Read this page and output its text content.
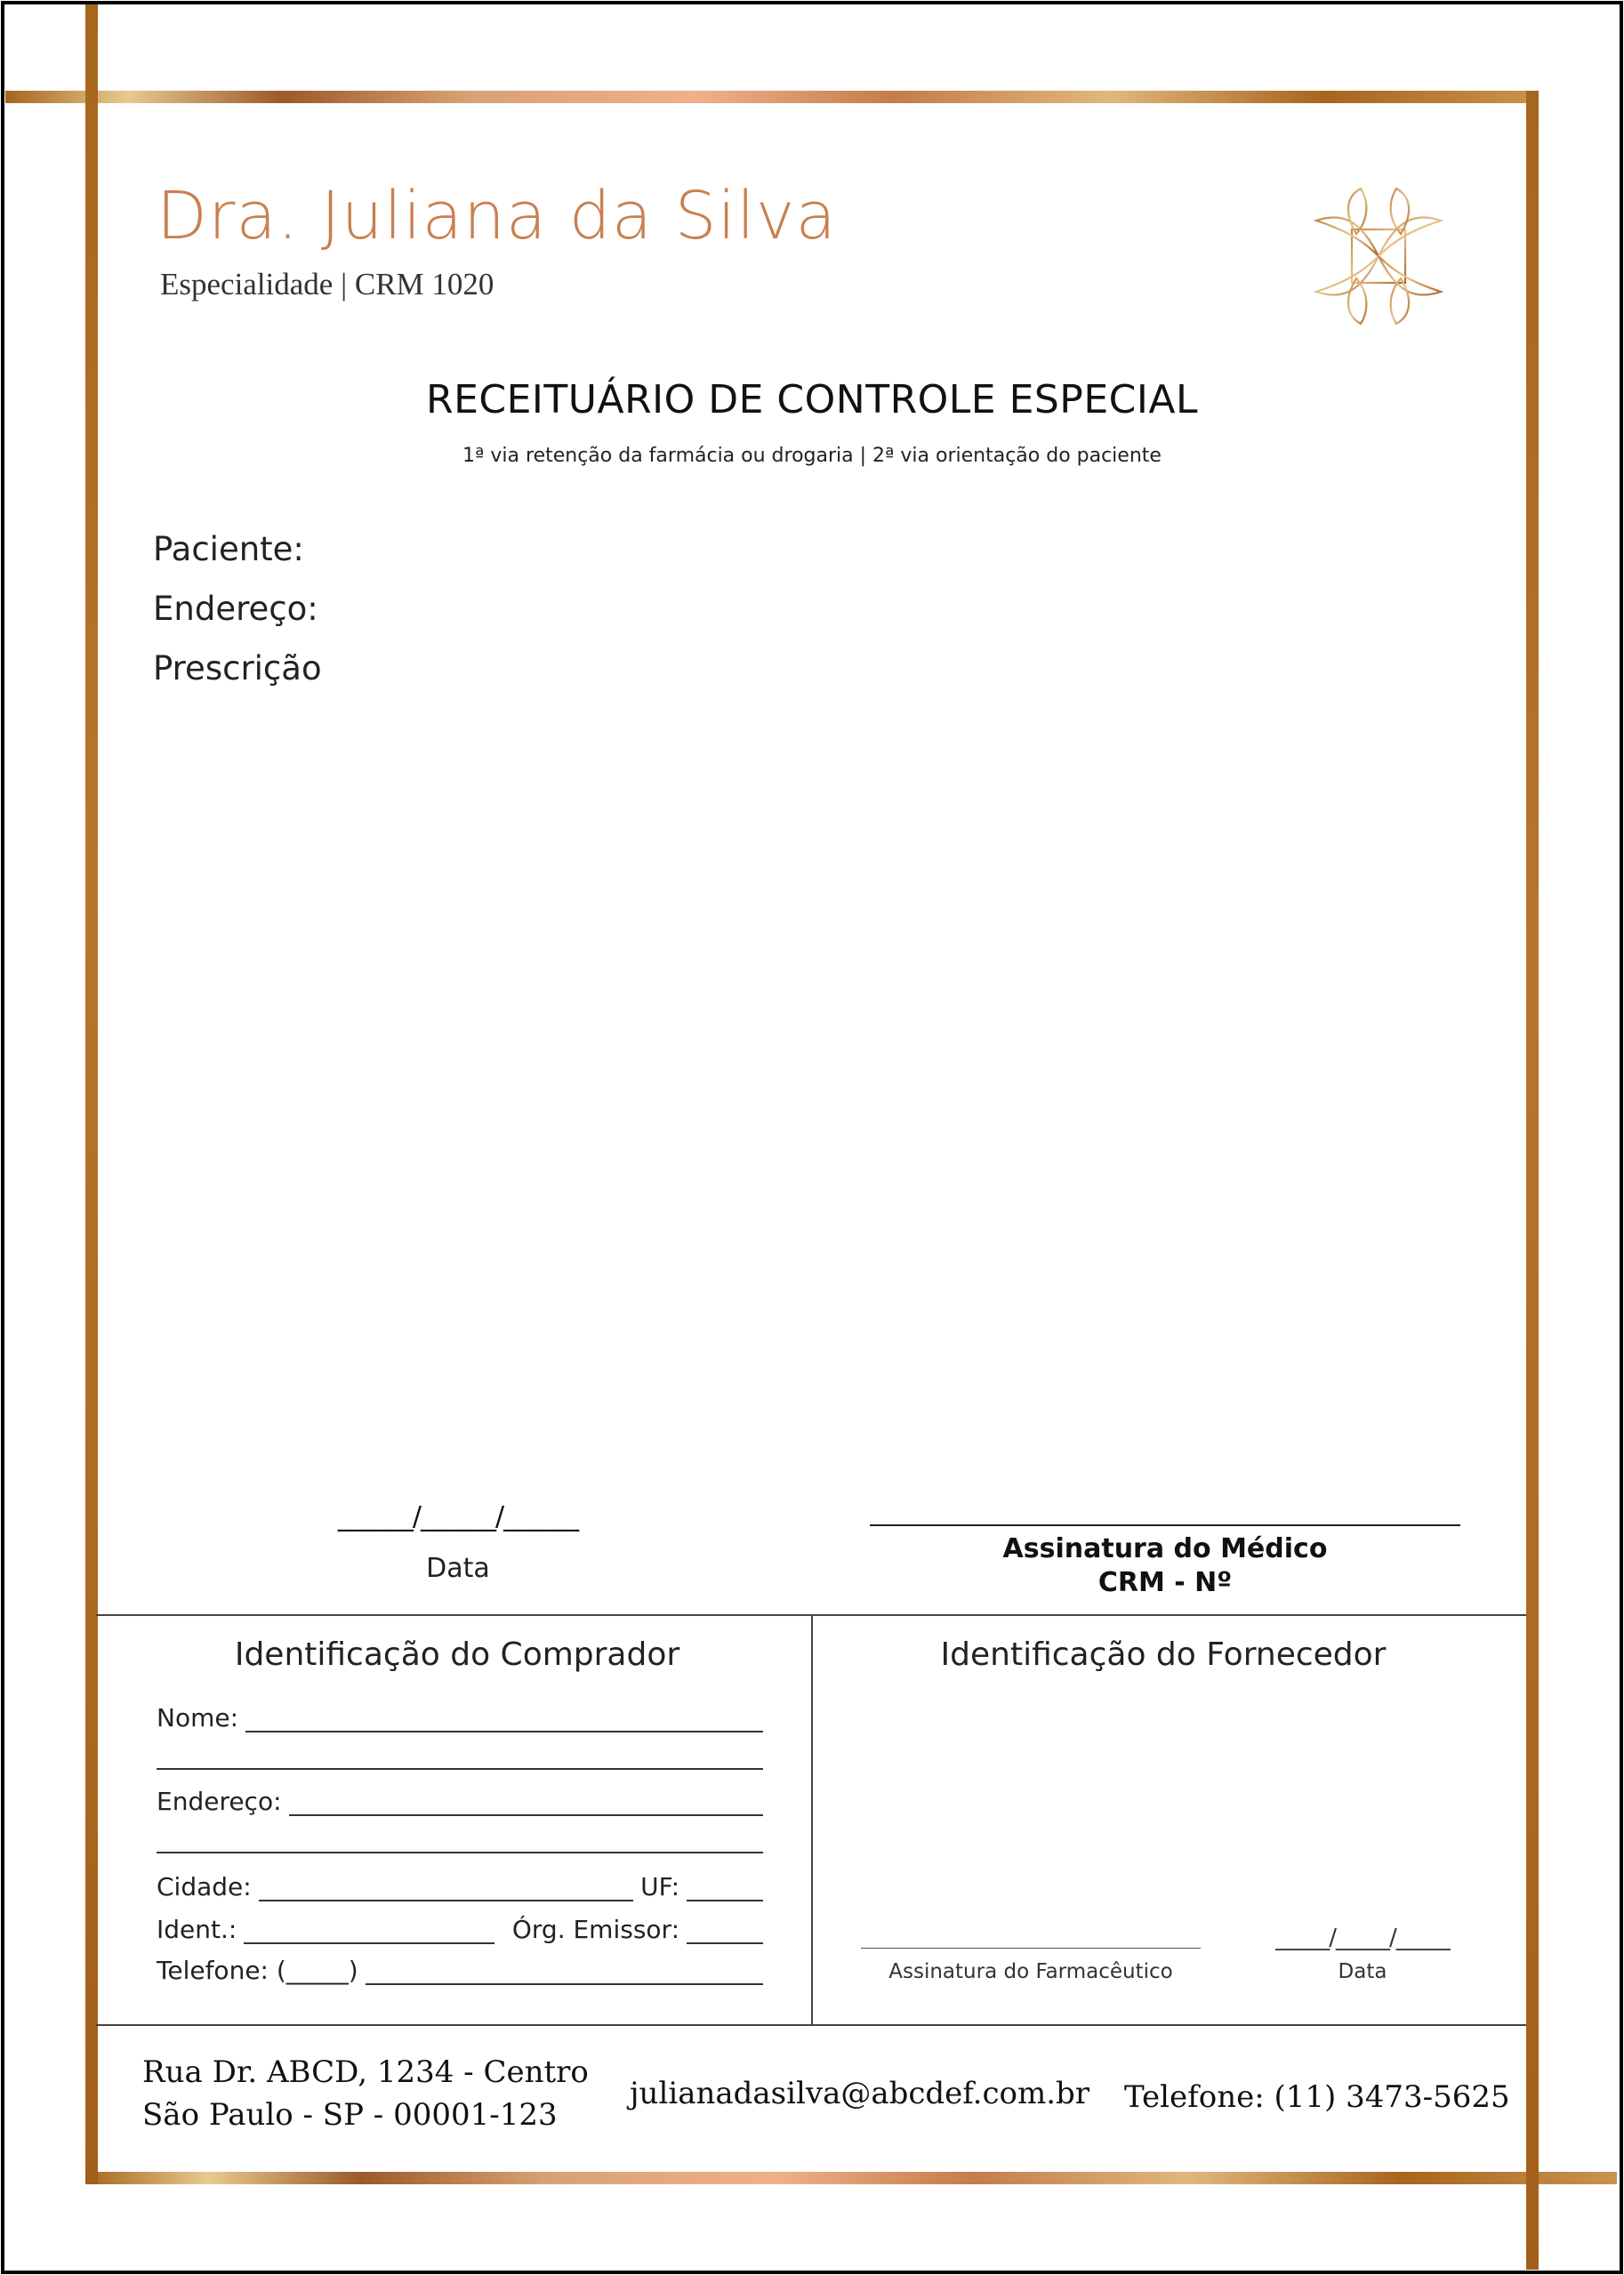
Dra. Juliana da Silva
Especialidade | CRM 1020
RECEITUÁRIO DE CONTROLE ESPECIAL
1ª via retenção da farmácia ou drogaria | 2ª via orientação do paciente
Paciente:
Endereço:
Prescrição
______/______/______
Data
Assinatura do Médico
CRM - Nº
Identificação do Comprador
Nome:
Endereço:
Cidade:	UF:
Ident.:	Órg. Emissor:
Telefone: (_____)
Identificação do Fornecedor
Assinatura do Farmacêutico
_____/_____/_____
Data
Rua Dr. ABCD, 1234 - Centro
São Paulo - SP - 00001-123
julianadasilva@abcdef.com.br Telefone: (11) 3473-5625
